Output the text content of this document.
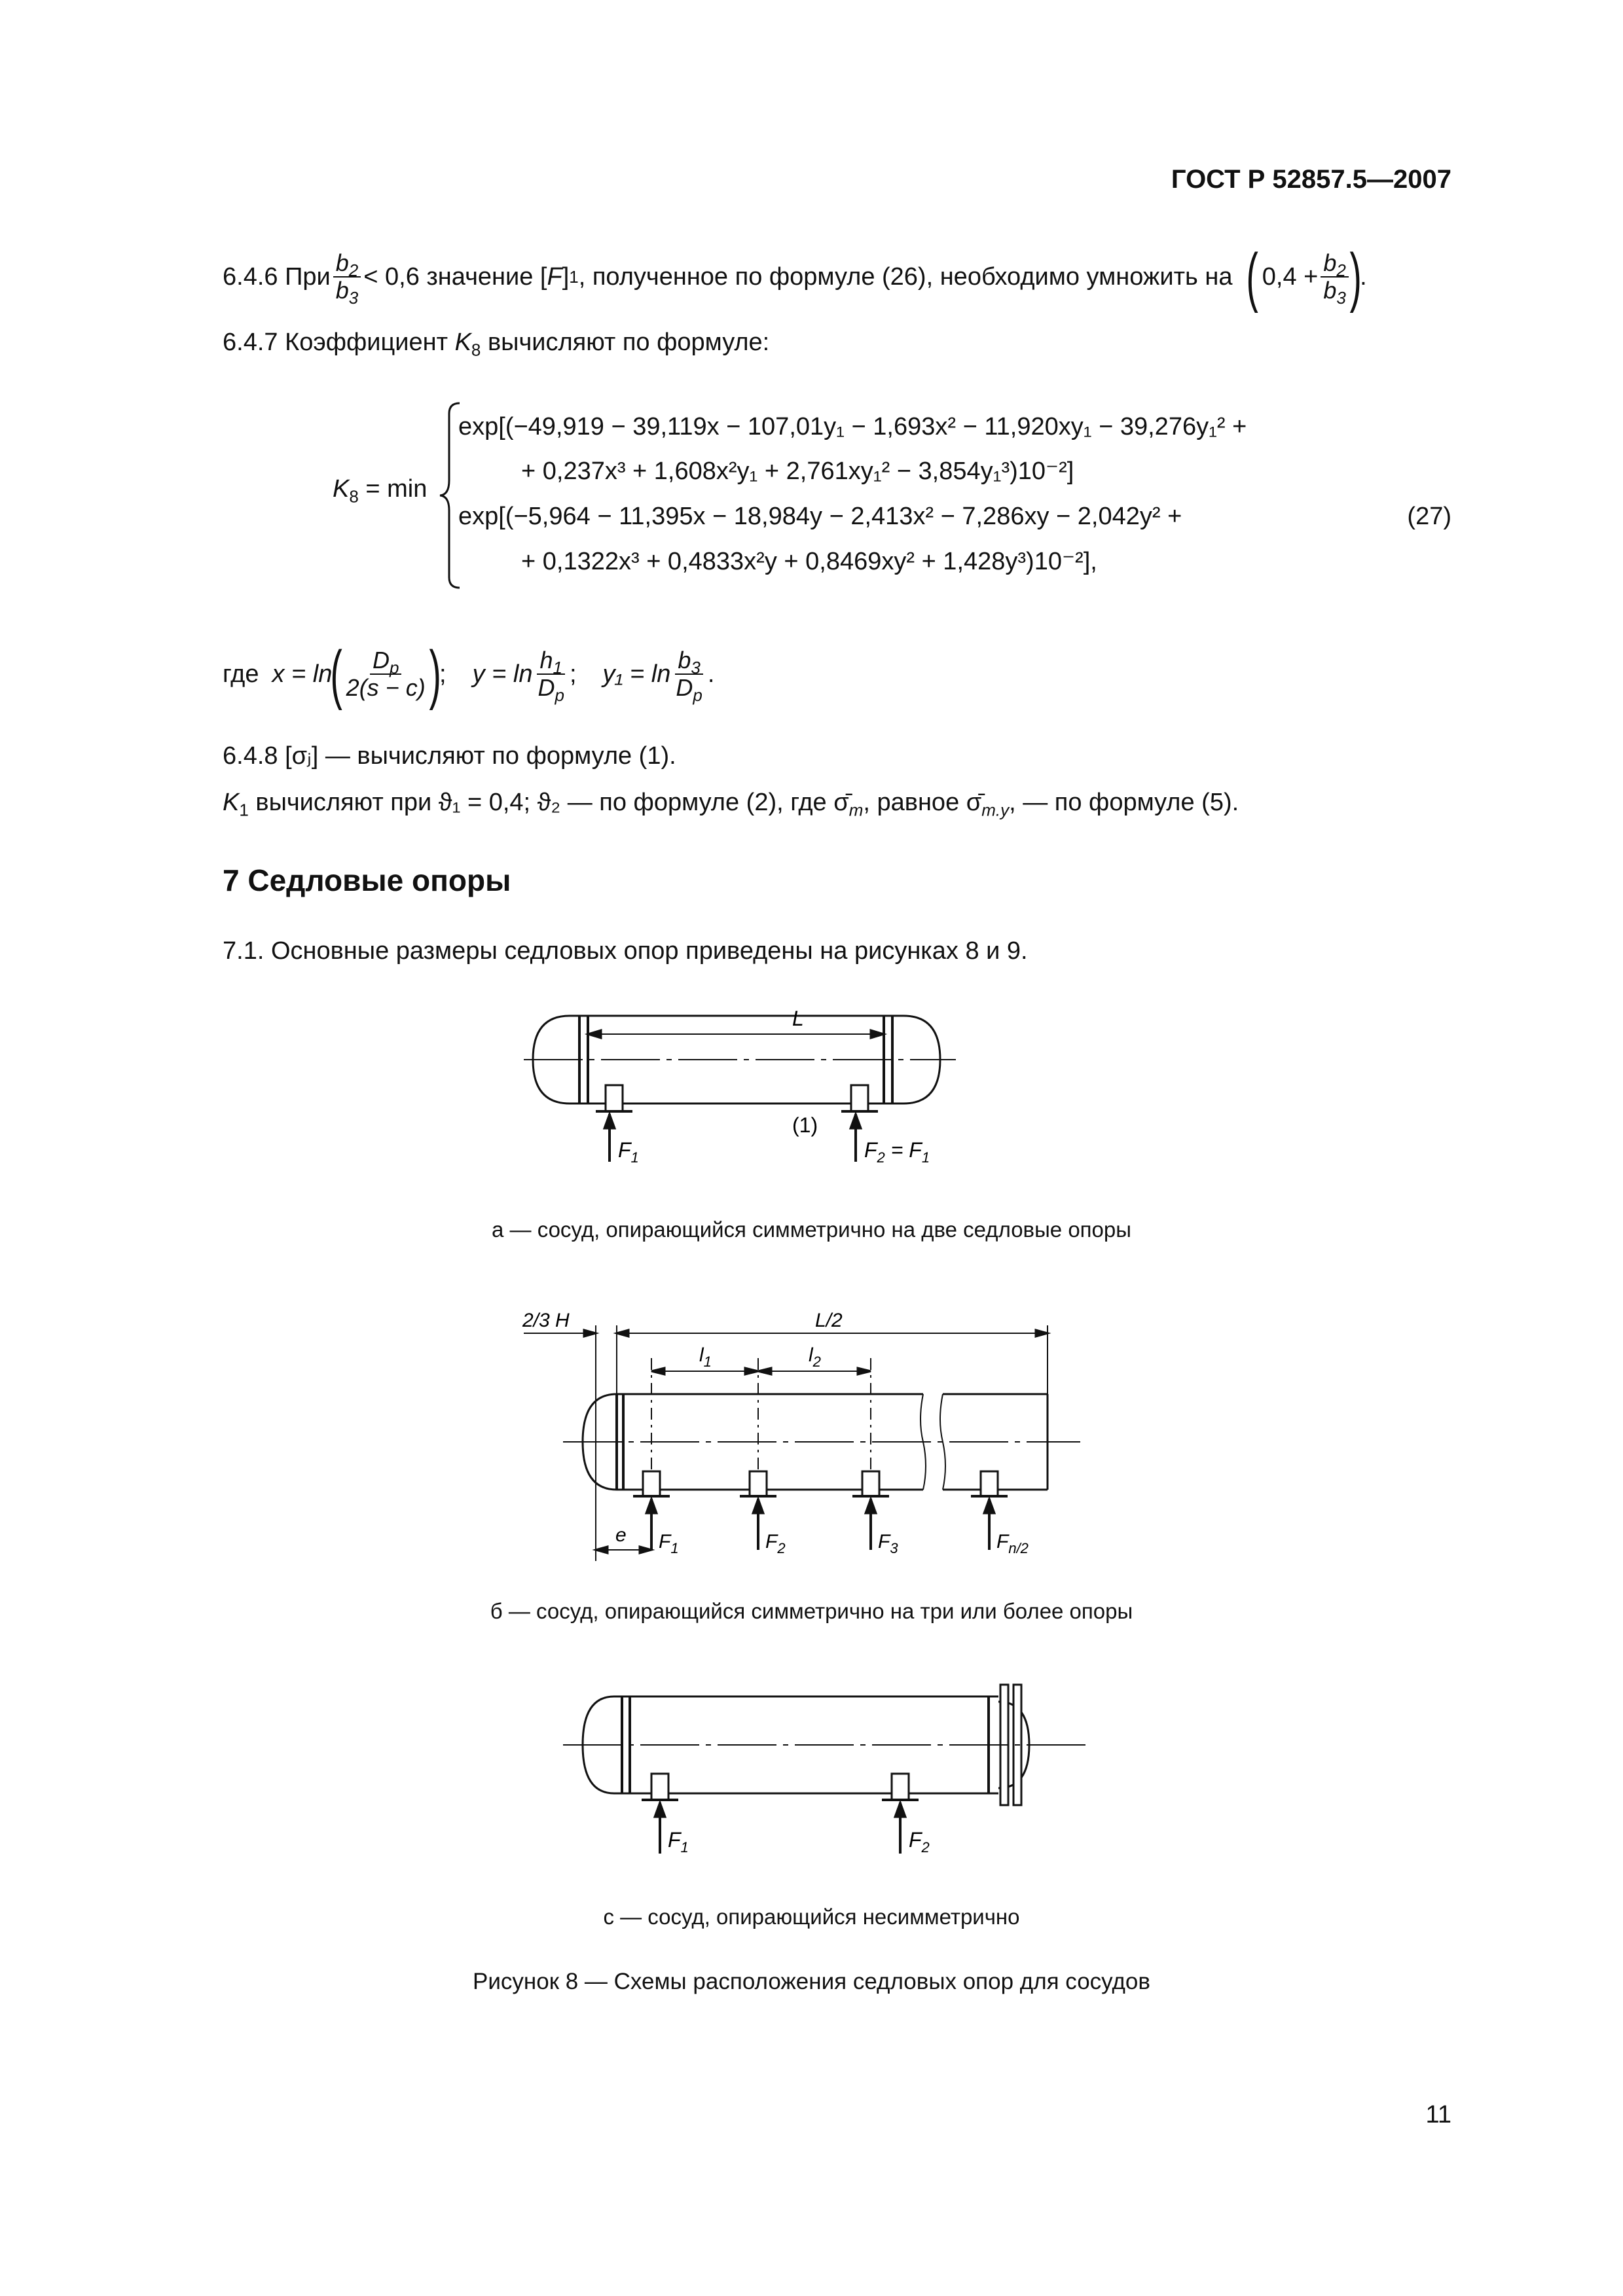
ГОСТ Р 52857.5—2007
6.4.6 При $\frac{b_2}{b_3} < 0,6$ значение [ F ] 1 , полученное по формуле (26), необходимо умножить на ( $0,4 + \frac{b_2}{b_3}$ )
.
6.4.7 Коэффициент $K_8$ вычисляют по формуле:
$K_8 = \min$
exp[(−49,919 − 39,119x − 107,01y₁ − 1,693x² − 11,920xy₁ − 39,276y₁² +
+ 0,237x³ + 1,608x²y₁ + 2,761xy₁² − 3,854y₁³)10⁻²]
exp[(−5,964 − 11,395x − 18,984y − 2,413x² − 7,286xy − 2,042y² +
+ 0,1322x³ + 0,4833x²y + 0,8469xy² + 1,428y³)10⁻²],
(27)
где x = ln
( $\frac{D_р}{2(s - c)}$ )
; $y = \ln \frac{h_1}{D_р}$ ; $y_1 = \ln \frac{b_3}{D_р}$ .
6.4.8 [σⱼ] — вычисляют по формуле (1).
$K_1$ вычисляют при ϑ₁ = 0,4; ϑ₂ — по формуле (2), где $\sigmā_m$, равное $\sigmā_{m.y}$, — по формуле (5).
7 Седловые опоры
7.1. Основные размеры седловых опор приведены на рисунках 8 и 9.
L
(1)
$F_1$	$F_2 = F_1$
а — сосуд, опирающийся симметрично на две седловые опоры
2/3 H	L/2
$l_1$	$l_2$
e $F_1$	$F_2$	$F_3$	$F_{n/2}$
б — сосуд, опирающийся симметрично на три или более опоры
$F_1$	$F_2$
с — сосуд, опирающийся несимметрично
Рисунок 8 — Схемы расположения седловых опор для сосудов
11
